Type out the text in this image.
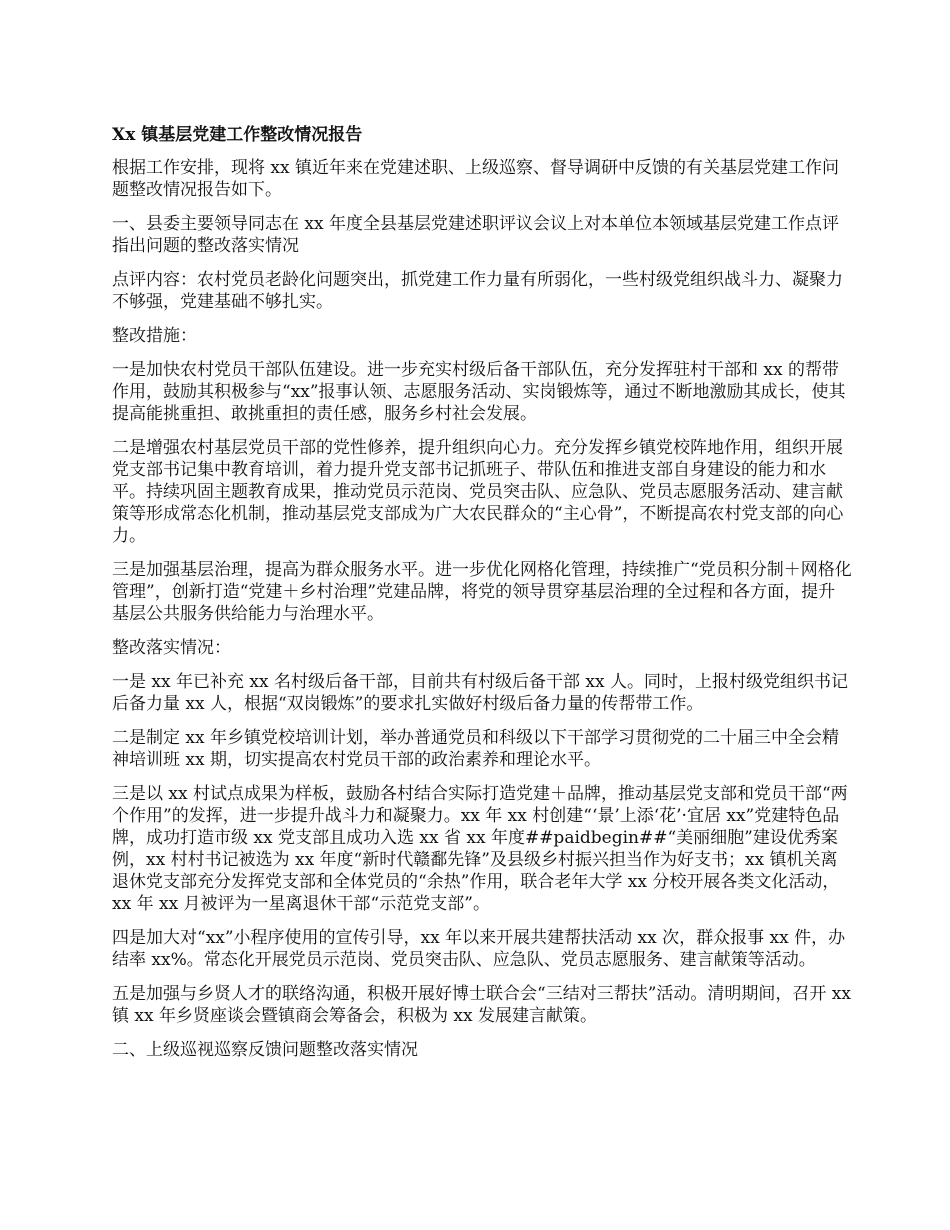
Xx 镇基层党建工作整改情况报告
根据工作安排，现将 xx 镇近年来在党建述职、上级巡察、督导调研中反馈的有关基层党建工作问题整改情况报告如下。
一、县委主要领导同志在 xx 年度全县基层党建述职评议会议上对本单位本领域基层党建工作点评指出问题的整改落实情况
点评内容：农村党员老龄化问题突出，抓党建工作力量有所弱化，一些村级党组织战斗力、凝聚力不够强，党建基础不够扎实。
整改措施：
一是加快农村党员干部队伍建设。进一步充实村级后备干部队伍，充分发挥驻村干部和 xx 的帮带作用，鼓励其积极参与“xx”报事认领、志愿服务活动、实岗锻炼等，通过不断地激励其成长，使其提高能挑重担、敢挑重担的责任感，服务乡村社会发展。
二是增强农村基层党员干部的党性修养，提升组织向心力。充分发挥乡镇党校阵地作用，组织开展党支部书记集中教育培训，着力提升党支部书记抓班子、带队伍和推进支部自身建设的能力和水平。持续巩固主题教育成果，推动党员示范岗、党员突击队、应急队、党员志愿服务活动、建言献策等形成常态化机制，推动基层党支部成为广大农民群众的“主心骨”，不断提高农村党支部的向心力。
三是加强基层治理，提高为群众服务水平。进一步优化网格化管理，持续推广“党员积分制＋网格化管理”，创新打造“党建＋乡村治理”党建品牌，将党的领导贯穿基层治理的全过程和各方面，提升基层公共服务供给能力与治理水平。
整改落实情况：
一是 xx 年已补充 xx 名村级后备干部，目前共有村级后备干部 xx 人。同时，上报村级党组织书记后备力量 xx 人，根据“双岗锻炼”的要求扎实做好村级后备力量的传帮带工作。
二是制定 xx 年乡镇党校培训计划，举办普通党员和科级以下干部学习贯彻党的二十届三中全会精神培训班 xx 期，切实提高农村党员干部的政治素养和理论水平。
三是以 xx 村试点成果为样板，鼓励各村结合实际打造党建＋品牌，推动基层党支部和党员干部“两个作用”的发挥，进一步提升战斗力和凝聚力。xx 年 xx 村创建“‘景’上添‘花’·宜居 xx”党建特色品牌，成功打造市级 xx 党支部且成功入选 xx 省 xx 年度##paidbegin##“美丽细胞”建设优秀案例，xx 村村书记被选为 xx 年度“新时代赣鄱先锋”及县级乡村振兴担当作为好支书；xx 镇机关离退休党支部充分发挥党支部和全体党员的“余热”作用，联合老年大学 xx 分校开展各类文化活动，xx 年 xx 月被评为一星离退休干部“示范党支部”。
四是加大对“xx”小程序使用的宣传引导，xx 年以来开展共建帮扶活动 xx 次，群众报事 xx 件，办结率 xx%。常态化开展党员示范岗、党员突击队、应急队、党员志愿服务、建言献策等活动。
五是加强与乡贤人才的联络沟通，积极开展好博士联合会“三结对三帮扶”活动。清明期间，召开 xx 镇 xx 年乡贤座谈会暨镇商会筹备会，积极为 xx 发展建言献策。
二、上级巡视巡察反馈问题整改落实情况
